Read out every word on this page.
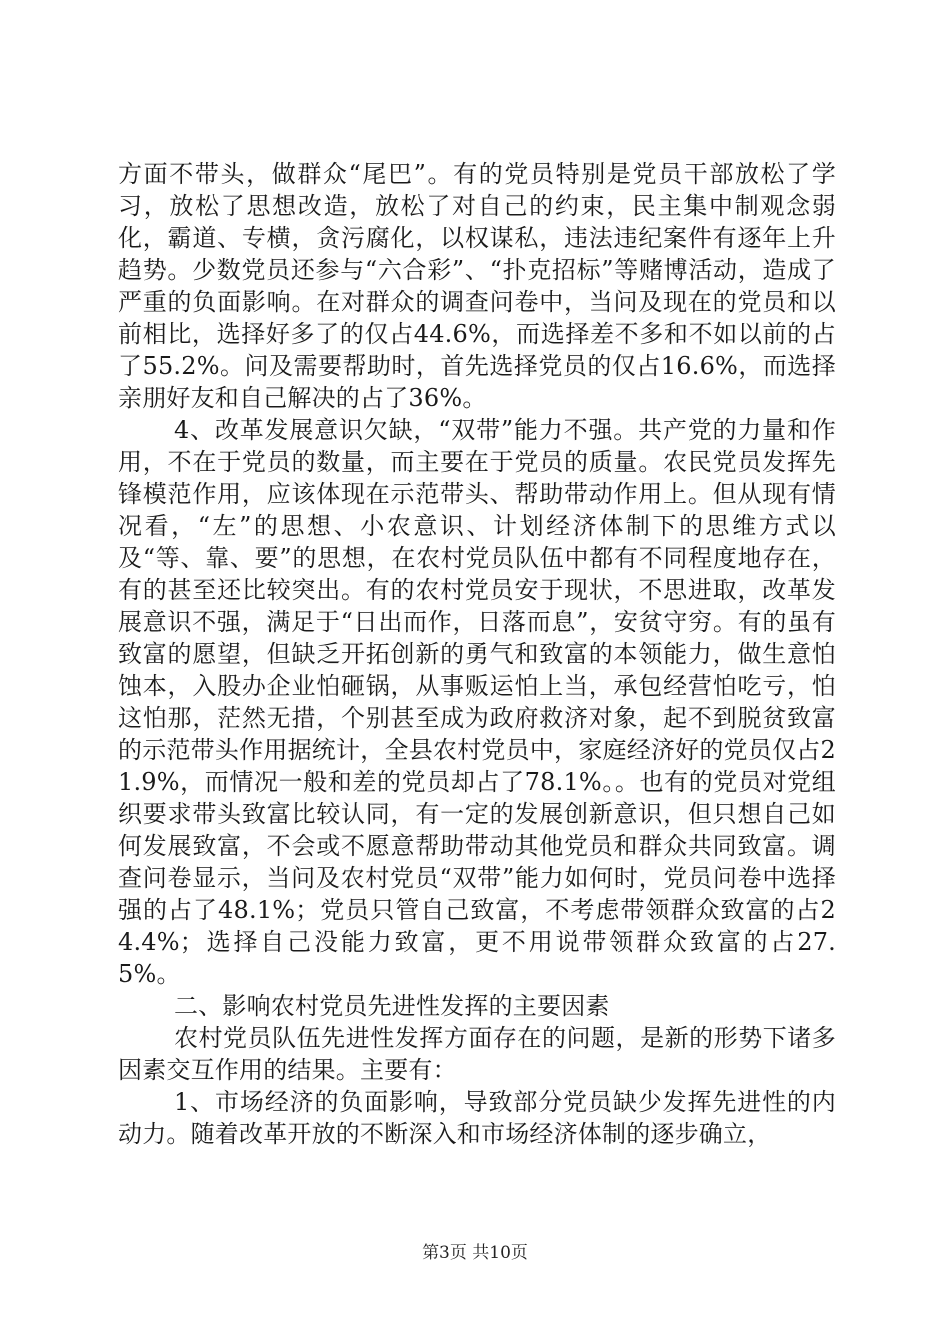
方面不带头，做群众“尾巴”。有的党员特别是党员干部放松了学习，放松了思想改造，放松了对自己的约束，民主集中制观念弱化，霸道、专横，贪污腐化，以权谋私，违法违纪案件有逐年上升趋势。少数党员还参与“六合彩”、“扑克招标”等赌博活动，造成了严重的负面影响。在对群众的调查问卷中，当问及现在的党员和以前相比，选择好多了的仅占44.6%，而选择差不多和不如以前的占了55.2%。问及需要帮助时，首先选择党员的仅占16.6%，而选择亲朋好友和自己解决的占了36%。

4、改革发展意识欠缺，“双带”能力不强。共产党的力量和作用，不在于党员的数量，而主要在于党员的质量。农民党员发挥先锋模范作用，应该体现在示范带头、帮助带动作用上。但从现有情况看，“左”的思想、小农意识、计划经济体制下的思维方式以及“等、靠、要”的思想，在农村党员队伍中都有不同程度地存在，有的甚至还比较突出。有的农村党员安于现状，不思进取，改革发展意识不强，满足于“日出而作，日落而息”，安贫守穷。有的虽有致富的愿望，但缺乏开拓创新的勇气和致富的本领能力，做生意怕蚀本，入股办企业怕砸锅，从事贩运怕上当，承包经营怕吃亏，怕这怕那，茫然无措，个别甚至成为政府救济对象，起不到脱贫致富的示范带头作用据统计，全县农村党员中，家庭经济好的党员仅占21.9%，而情况一般和差的党员却占了78.1%。。也有的党员对党组织要求带头致富比较认同，有一定的发展创新意识，但只想自己如何发展致富，不会或不愿意帮助带动其他党员和群众共同致富。调查问卷显示，当问及农村党员“双带”能力如何时，党员问卷中选择强的占了48.1%；党员只管自己致富，不考虑带领群众致富的占24.4%；选择自己没能力致富，更不用说带领群众致富的占27.5%。

二、影响农村党员先进性发挥的主要因素

农村党员队伍先进性发挥方面存在的问题，是新的形势下诸多因素交互作用的结果。主要有：

1、市场经济的负面影响，导致部分党员缺少发挥先进性的内动力。随着改革开放的不断深入和市场经济体制的逐步确立，

第3页 共10页
